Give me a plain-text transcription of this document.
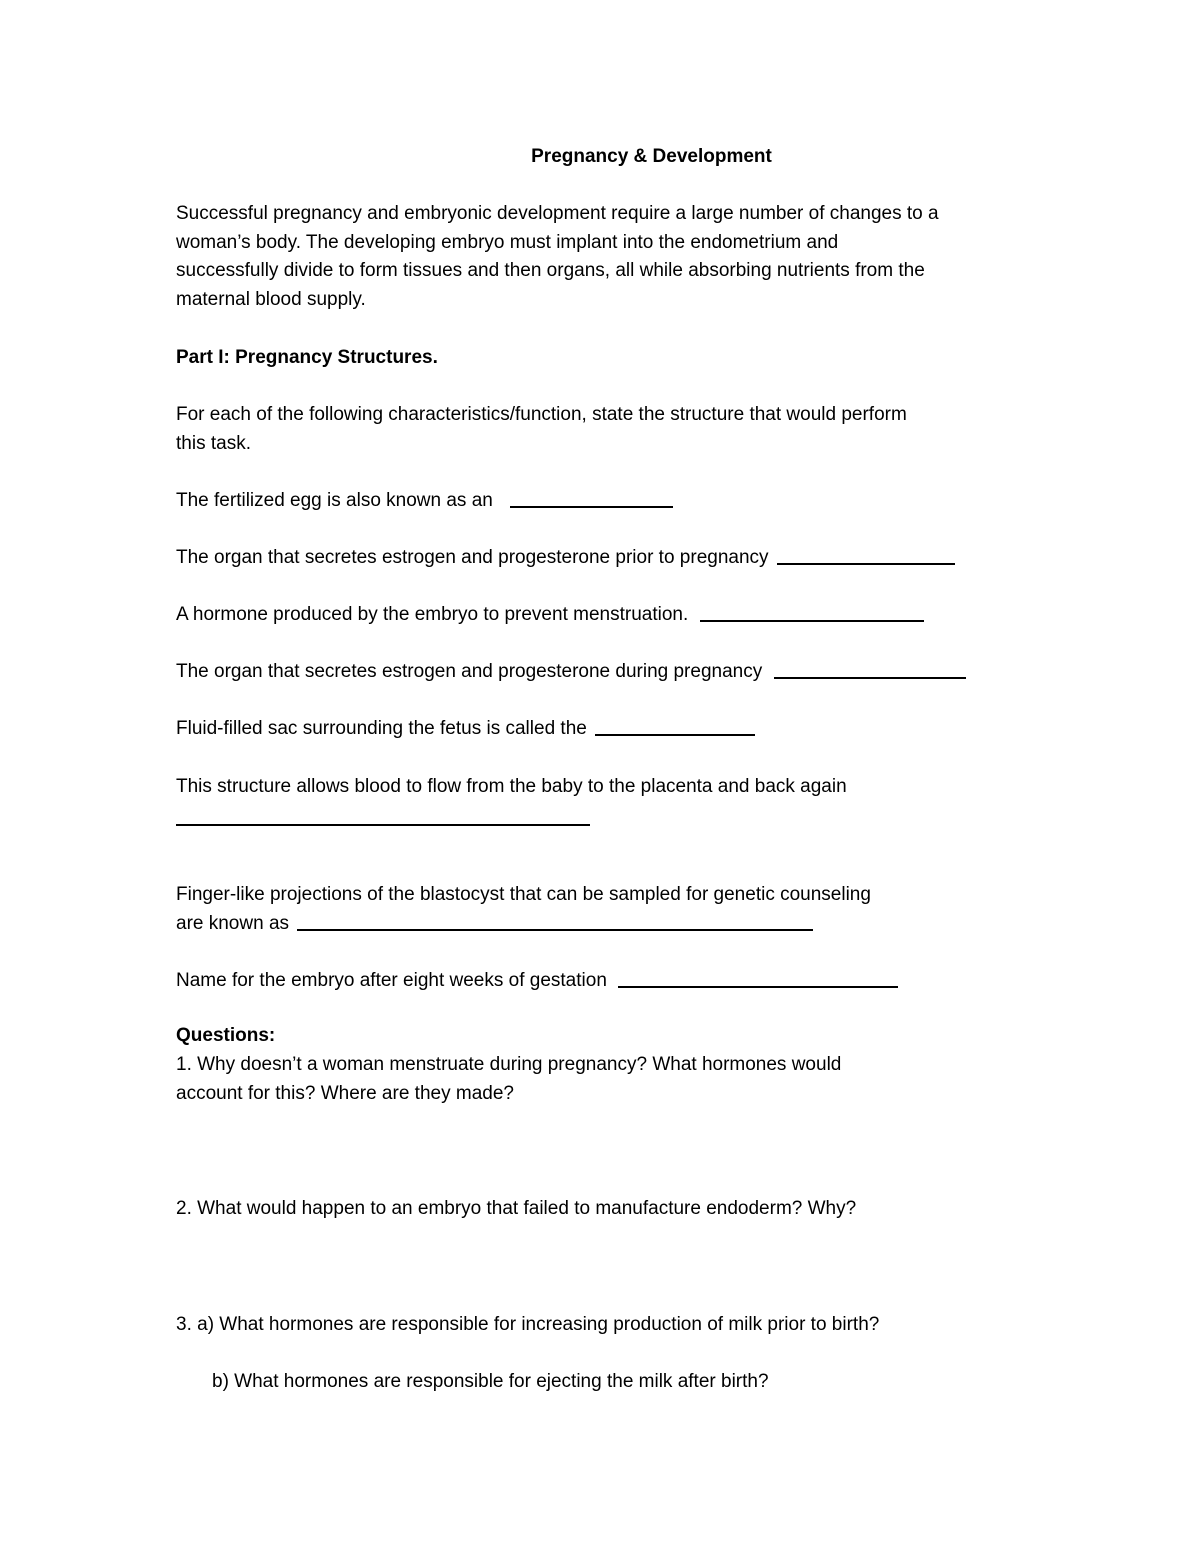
Pregnancy & Development
Successful pregnancy and embryonic development require a large number of changes to a
woman’s body. The developing embryo must implant into the endometrium and
successfully divide to form tissues and then organs, all while absorbing nutrients from the
maternal blood supply.
Part I: Pregnancy Structures.
For each of the following characteristics/function, state the structure that would perform
this task.
The fertilized egg is also known as an
The organ that secretes estrogen and progesterone prior to pregnancy
A hormone produced by the embryo to prevent menstruation.
The organ that secretes estrogen and progesterone during pregnancy
Fluid-filled sac surrounding the fetus is called the
This structure allows blood to flow from the baby to the placenta and back again
Finger-like projections of the blastocyst that can be sampled for genetic counseling
are known as
Name for the embryo after eight weeks of gestation
Questions:
1. Why doesn’t a woman menstruate during pregnancy? What hormones would
account for this? Where are they made?
2. What would happen to an embryo that failed to manufacture endoderm? Why?
3. a) What hormones are responsible for increasing production of milk prior to birth?
b) What hormones are responsible for ejecting the milk after birth?
